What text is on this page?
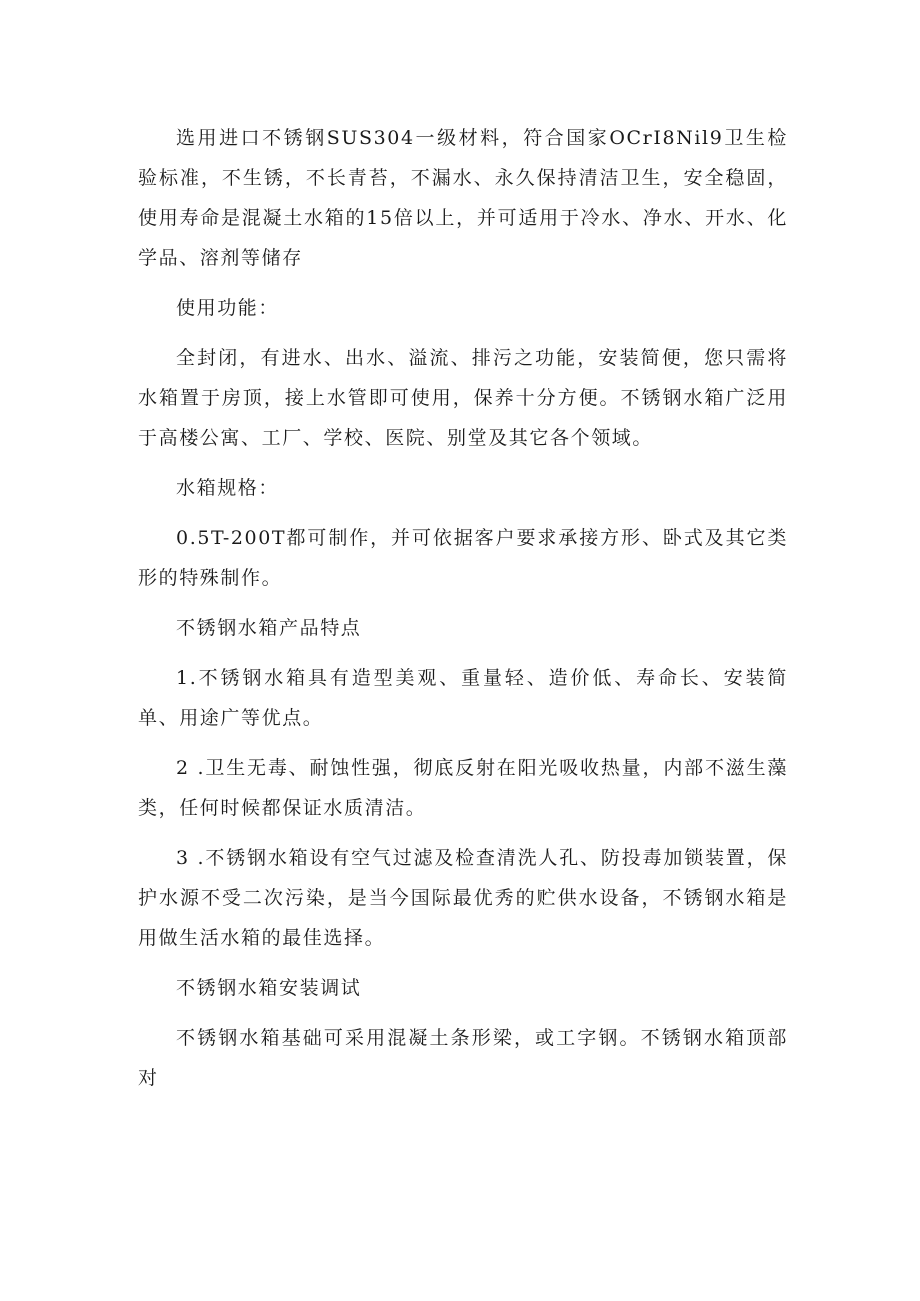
选用进口不锈钢SUS304一级材料，符合国家OCrI8Nil9卫生检验标准，不生锈，不长青苔，不漏水、永久保持清洁卫生，安全稳固，使用寿命是混凝土水箱的15倍以上，并可适用于冷水、净水、开水、化学品、溶剂等储存

使用功能：

全封闭，有进水、出水、溢流、排污之功能，安装简便，您只需将水箱置于房顶，接上水管即可使用，保养十分方便。不锈钢水箱广泛用于高楼公寓、工厂、学校、医院、别堂及其它各个领域。

水箱规格：

0.5T-200T都可制作，并可依据客户要求承接方形、卧式及其它类形的特殊制作。

不锈钢水箱产品特点

1.不锈钢水箱具有造型美观、重量轻、造价低、寿命长、安装简单、用途广等优点。

2 .卫生无毒、耐蚀性强，彻底反射在阳光吸收热量，内部不滋生藻类，任何时候都保证水质清洁。

3 .不锈钢水箱设有空气过滤及检查清洗人孔、防投毒加锁装置，保护水源不受二次污染，是当今国际最优秀的贮供水设备，不锈钢水箱是用做生活水箱的最佳选择。

不锈钢水箱安装调试

不锈钢水箱基础可采用混凝土条形梁，或工字钢。不锈钢水箱顶部对
